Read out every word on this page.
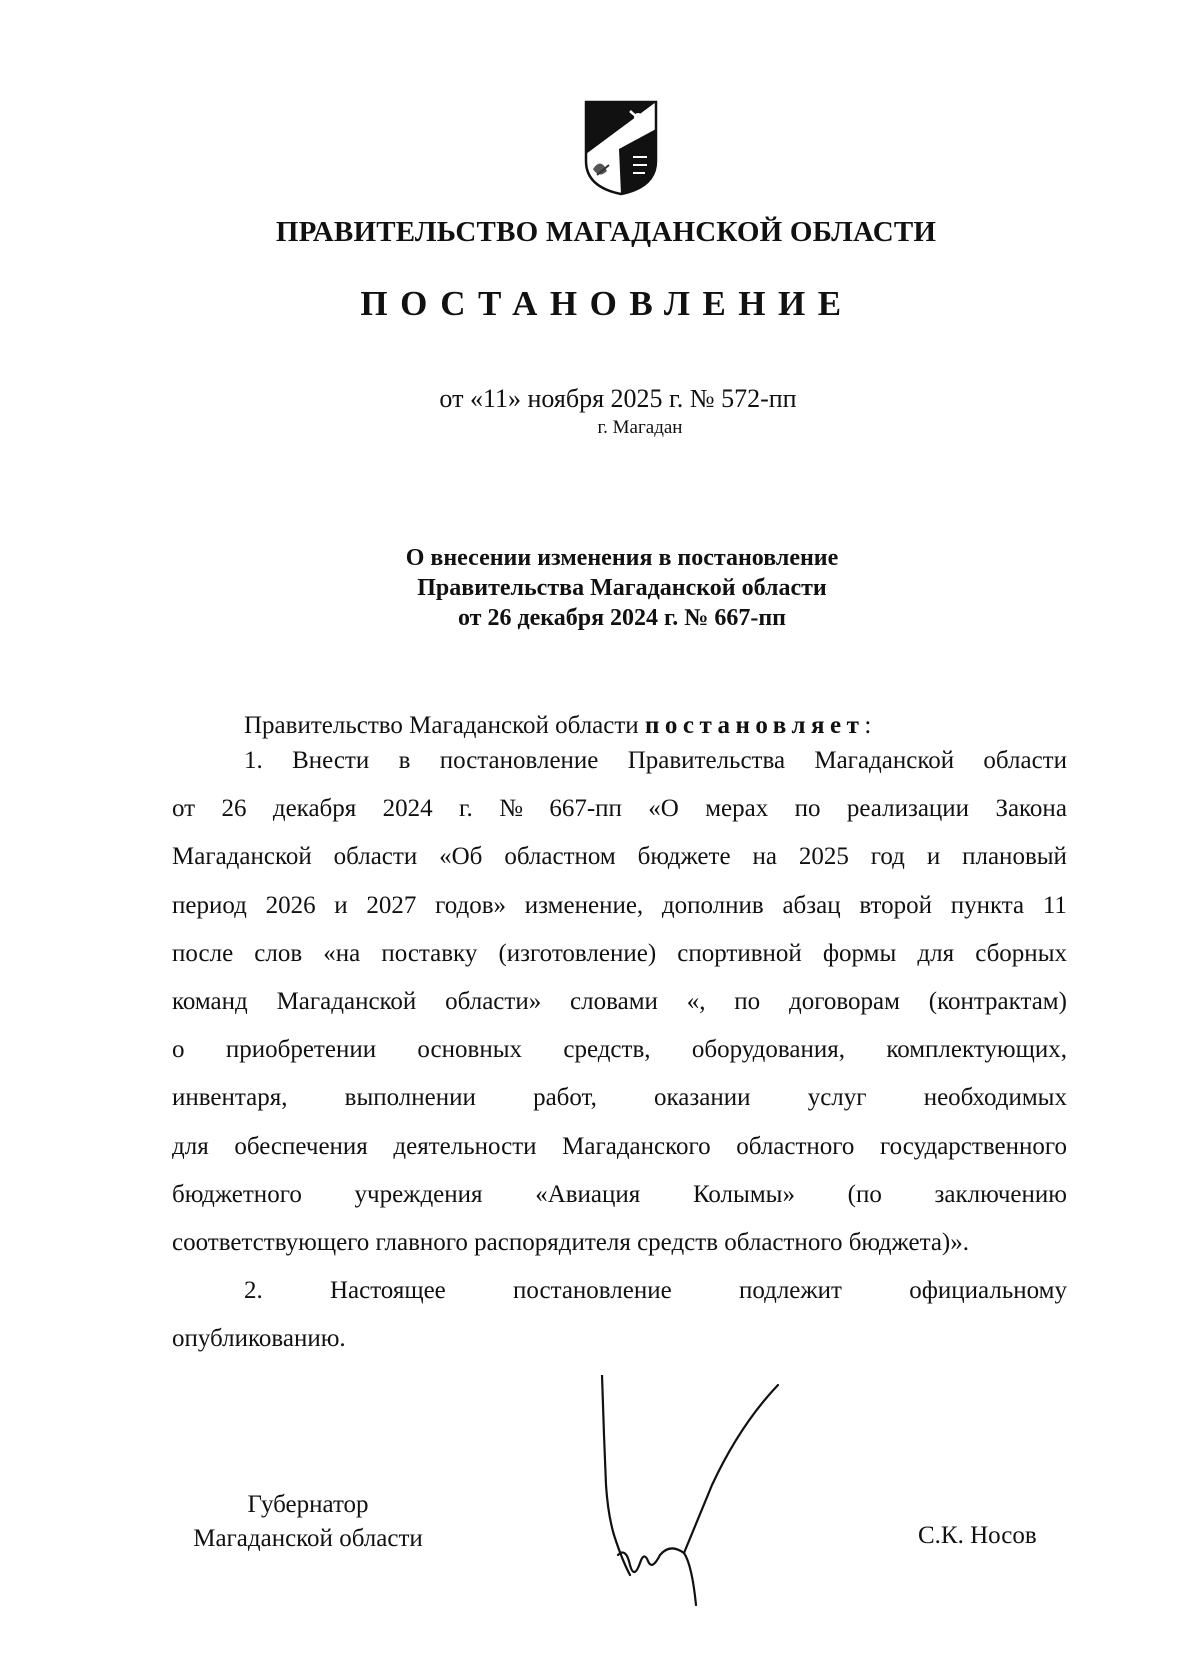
ПРАВИТЕЛЬСТВО МАГАДАНСКОЙ ОБЛАСТИ
ПОСТАНОВЛЕНИЕ
от «11» ноября 2025 г. № 572-пп
г. Магадан
О внесении изменения в постановление
Правительства Магаданской области
от 26 декабря 2024 г. № 667-пп
Правительство Магаданской области постановляет:
1. Внести в постановление Правительства Магаданской области
от 26 декабря 2024 г. № 667-пп «О мерах по реализации Закона
Магаданской области «Об областном бюджете на 2025 год и плановый
период 2026 и 2027 годов» изменение, дополнив абзац второй пункта 11
после слов «на поставку (изготовление) спортивной формы для сборных
команд Магаданской области» словами «, по договорам (контрактам)
о приобретении основных средств, оборудования, комплектующих,
инвентаря, выполнении работ, оказании услуг необходимых
для обеспечения деятельности Магаданского областного государственного
бюджетного учреждения «Авиация Колымы» (по заключению
соответствующего главного распорядителя средств областного бюджета)».
2.	Настоящее	постановление	подлежит	официальному
опубликованию.
Губернатор
Магаданской области	С.К. Носов
